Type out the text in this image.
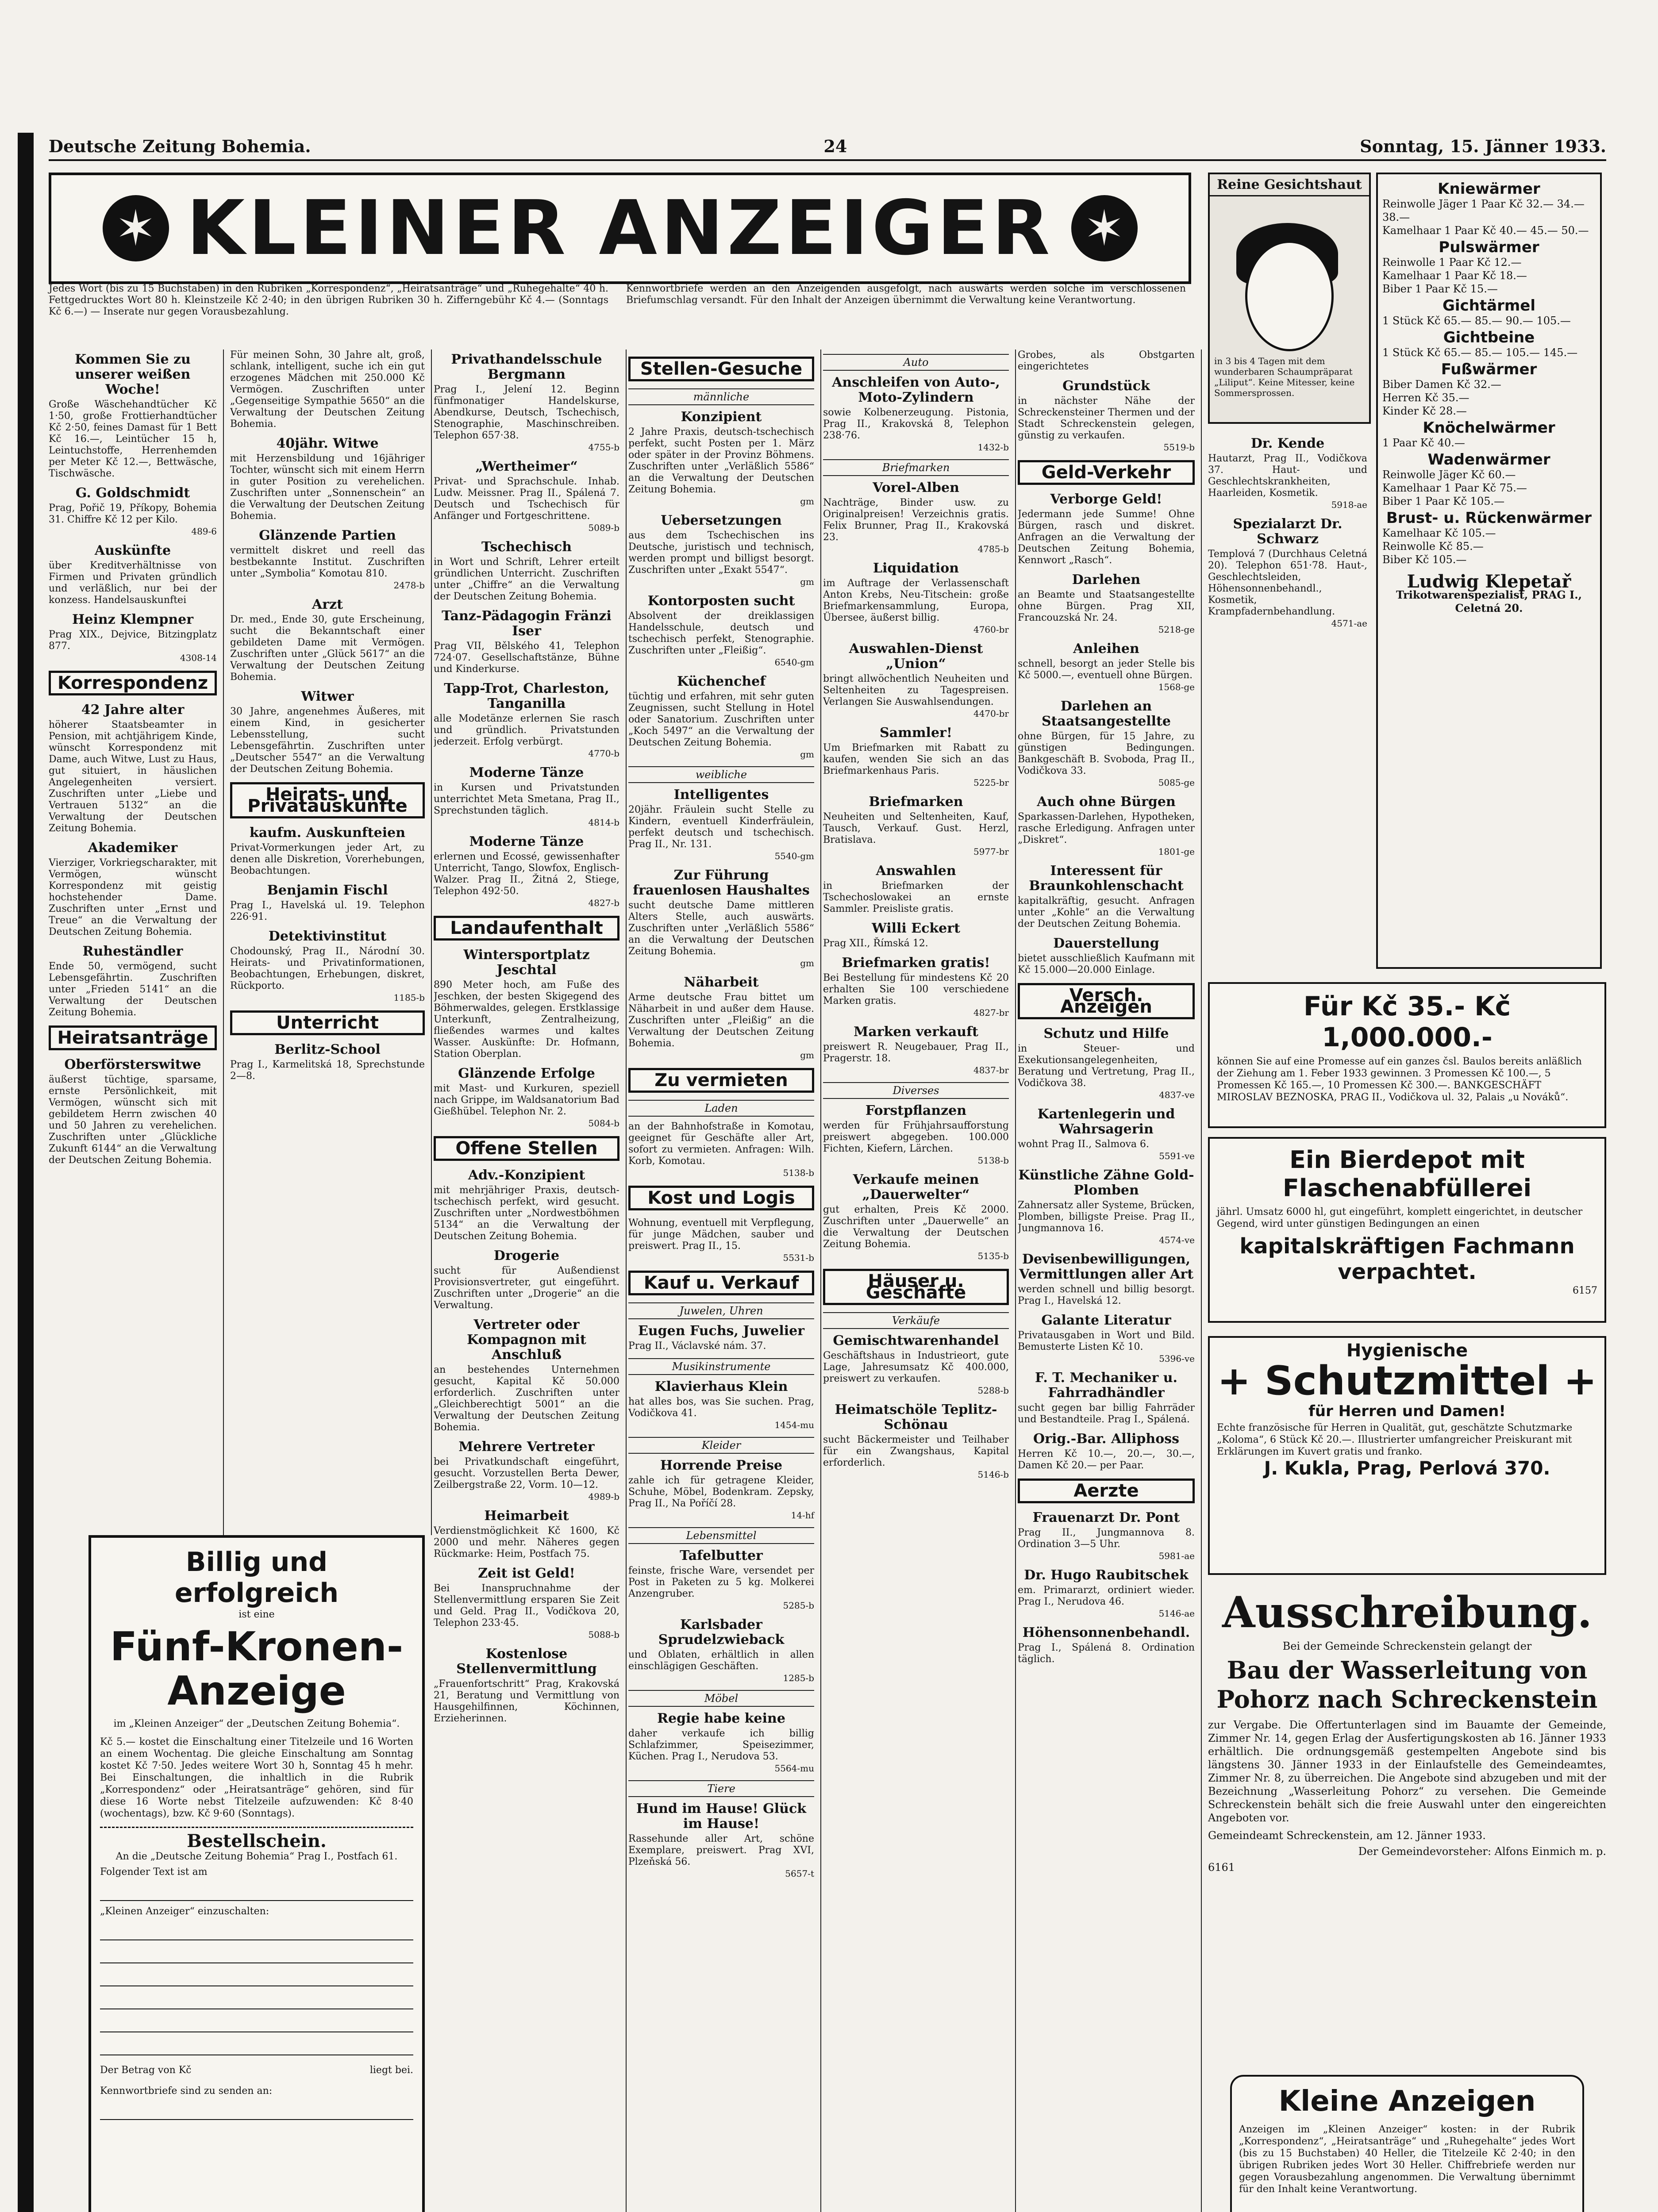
Deutsche Zeitung Bohemia.	24	Sonntag, 15. Jänner 1933.
✶ KLEINER ANZEIGER ✶

Jedes Wort (bis zu 15 Buchstaben) in den Rubriken „Korrespondenz“, „Heiratsanträge“ und „Ruhegehalte“ 40 h. Fettgedrucktes Wort 80 h. Kleinstzeile Kč 2·40; in den übrigen Rubriken 30 h. Zifferngebühr Kč 4.— (Sonntags Kč 6.—) — Inserate nur gegen Vorausbezahlung.

Kennwortbriefe werden an den Anzeigenden ausgefolgt, nach auswärts werden solche im verschlossenen Briefumschlag versandt. Für den Inhalt der Anzeigen übernimmt die Verwaltung keine Verantwortung.

Kommen Sie zu unserer weißen Woche!

Große Wäschehandtücher Kč 1·50, große Frottierhandtücher Kč 2·50, feines Damast für 1 Bett Kč 16.—, Leintücher 15 h, Leintuchstoffe, Herrenhemden per Meter Kč 12.—, Bettwäsche, Tischwäsche.

G. Goldschmidt

Prag, Pořič 19, Příkopy, Bohemia 31. Chiffre Kč 12 per Kilo.

489-6
Auskünfte

über Kreditverhältnisse von Firmen und Privaten gründlich und verläßlich, nur bei der konzess. Handelsauskunftei

Heinz Klempner

Prag XIX., Dejvice, Bitzingplatz 877.

4308-14
Korrespondenz
42 Jahre alter

höherer Staatsbeamter in Pension, mit achtjährigem Kinde, wünscht Korrespondenz mit Dame, auch Witwe, Lust zu Haus, gut situiert, in häuslichen Angelegenheiten versiert. Zuschriften unter „Liebe und Vertrauen 5132“ an die Verwaltung der Deutschen Zeitung Bohemia.

Akademiker

Vierziger, Vorkriegscharakter, mit Vermögen, wünscht Korrespondenz mit geistig hochstehender Dame. Zuschriften unter „Ernst und Treue“ an die Verwaltung der Deutschen Zeitung Bohemia.

Ruheständler

Ende 50, vermögend, sucht Lebensgefährtin. Zuschriften unter „Frieden 5141“ an die Verwaltung der Deutschen Zeitung Bohemia.

Heiratsanträge
Oberförsterswitwe

äußerst tüchtige, sparsame, ernste Persönlichkeit, mit Vermögen, wünscht sich mit gebildetem Herrn zwischen 40 und 50 Jahren zu verehelichen. Zuschriften unter „Glückliche Zukunft 6144“ an die Verwaltung der Deutschen Zeitung Bohemia.

Für meinen Sohn, 30 Jahre alt, groß, schlank, intelligent, suche ich ein gut erzogenes Mädchen mit 250.000 Kč Vermögen. Zuschriften unter „Gegenseitige Sympathie 5650“ an die Verwaltung der Deutschen Zeitung Bohemia.

40jähr. Witwe

mit Herzensbildung und 16jähriger Tochter, wünscht sich mit einem Herrn in guter Position zu verehelichen. Zuschriften unter „Sonnenschein“ an die Verwaltung der Deutschen Zeitung Bohemia.

Glänzende Partien

vermittelt diskret und reell das bestbekannte Institut. Zuschriften unter „Symbolia“ Komotau 810.

2478-b
Arzt

Dr. med., Ende 30, gute Erscheinung, sucht die Bekanntschaft einer gebildeten Dame mit Vermögen. Zuschriften unter „Glück 5617“ an die Verwaltung der Deutschen Zeitung Bohemia.

Witwer

30 Jahre, angenehmes Äußeres, mit einem Kind, in gesicherter Lebensstellung, sucht Lebensgefährtin. Zuschriften unter „Deutscher 5547“ an die Verwaltung der Deutschen Zeitung Bohemia.

Heirats- und Privatauskünfte
kaufm. Auskunfteien

Privat-Vormerkungen jeder Art, zu denen alle Diskretion, Vorerhebungen, Beobachtungen.

Benjamin Fischl

Prag I., Havelská ul. 19. Telephon 226·91.

Detektivinstitut

Chodounský, Prag II., Národní 30. Heirats- und Privatinformationen, Beobachtungen, Erhebungen, diskret, Rückporto.

1185-b
Unterricht
Berlitz-School

Prag I., Karmelitská 18, Sprechstunde 2—8.

Billig und erfolgreich
ist eine
Fünf-Kronen-Anzeige
im „Kleinen Anzeiger“ der „Deutschen Zeitung Bohemia“.

Kč 5.— kostet die Einschaltung einer Titelzeile und 16 Worten an einem Wochentag. Die gleiche Einschaltung am Sonntag kostet Kč 7·50. Jedes weitere Wort 30 h, Sonntag 45 h mehr. Bei Einschaltungen, die inhaltlich in die Rubrik „Korrespondenz“ oder „Heiratsanträge“ gehören, sind für diese 16 Worte nebst Titelzeile aufzuwenden: Kč 8·40 (wochentags), bzw. Kč 9·60 (Sonntags).

Bestellschein.
An die „Deutsche Zeitung Bohemia“ Prag I., Postfach 61.
Folgender Text ist am
„Kleinen Anzeiger“ einzuschalten:
Der Betrag von Kč	liegt bei.
Kennwortbriefe sind zu senden an:
Privathandelsschule Bergmann

Prag I., Jelení 12. Beginn fünfmonatiger Handelskurse, Abendkurse, Deutsch, Tschechisch, Stenographie, Maschinschreiben. Telephon 657·38.

4755-b
„Wertheimer“

Privat- und Sprachschule. Inhab. Ludw. Meissner. Prag II., Spálená 7. Deutsch und Tschechisch für Anfänger und Fortgeschrittene.

5089-b
Tschechisch

in Wort und Schrift, Lehrer erteilt gründlichen Unterricht. Zuschriften unter „Chiffre“ an die Verwaltung der Deutschen Zeitung Bohemia.

Tanz-Pädagogin Fränzi Iser

Prag VII, Bělského 41, Telephon 724·07. Gesellschaftstänze, Bühne und Kinderkurse.

Tapp-Trot, Charleston, Tanganilla

alle Modetänze erlernen Sie rasch und gründlich. Privatstunden jederzeit. Erfolg verbürgt.

4770-b
Moderne Tänze

in Kursen und Privatstunden unterrichtet Meta Smetana, Prag II., Sprechstunden täglich.

4814-b
Moderne Tänze

erlernen und Ecossé, gewissenhafter Unterricht, Tango, Slowfox, Englisch-Walzer. Prag II., Žitná 2, Stiege, Telephon 492·50.

4827-b
Landaufenthalt
Wintersportplatz Jeschtal

890 Meter hoch, am Fuße des Jeschken, der besten Skigegend des Böhmerwaldes, gelegen. Erstklassige Unterkunft, Zentralheizung, fließendes warmes und kaltes Wasser. Auskünfte: Dr. Hofmann, Station Oberplan.

Glänzende Erfolge

mit Mast- und Kurkuren, speziell nach Grippe, im Waldsanatorium Bad Gießhübel. Telephon Nr. 2.

5084-b
Offene Stellen
Adv.-Konzipient

mit mehrjähriger Praxis, deutsch-tschechisch perfekt, wird gesucht. Zuschriften unter „Nordwestböhmen 5134“ an die Verwaltung der Deutschen Zeitung Bohemia.

Drogerie

sucht für Außendienst Provisionsvertreter, gut eingeführt. Zuschriften unter „Drogerie“ an die Verwaltung.

Vertreter oder Kompagnon mit Anschluß

an bestehendes Unternehmen gesucht, Kapital Kč 50.000 erforderlich. Zuschriften unter „Gleichberechtigt 5001“ an die Verwaltung der Deutschen Zeitung Bohemia.

Mehrere Vertreter

bei Privatkundschaft eingeführt, gesucht. Vorzustellen Berta Dewer, Zeilbergstraße 22, Vorm. 10—12.

4989-b
Heimarbeit

Verdienstmöglichkeit Kč 1600, Kč 2000 und mehr. Näheres gegen Rückmarke: Heim, Postfach 75.

Zeit ist Geld!

Bei Inanspruchnahme der Stellenvermittlung ersparen Sie Zeit und Geld. Prag II., Vodičkova 20, Telephon 233·45.

5088-b
Kostenlose Stellenvermittlung

„Frauenfortschritt“ Prag, Krakovská 21, Beratung und Vermittlung von Hausgehilfinnen, Köchinnen, Erzieherinnen.

Stellen-Gesuche
männliche
Konzipient

2 Jahre Praxis, deutsch-tschechisch perfekt, sucht Posten per 1. März oder später in der Provinz Böhmens. Zuschriften unter „Verläßlich 5586“ an die Verwaltung der Deutschen Zeitung Bohemia.

gm
Uebersetzungen

aus dem Tschechischen ins Deutsche, juristisch und technisch, werden prompt und billigst besorgt. Zuschriften unter „Exakt 5547“.

gm
Kontorposten sucht

Absolvent der dreiklassigen Handelsschule, deutsch und tschechisch perfekt, Stenographie. Zuschriften unter „Fleißig“.

6540-gm
Küchenchef

tüchtig und erfahren, mit sehr guten Zeugnissen, sucht Stellung in Hotel oder Sanatorium. Zuschriften unter „Koch 5497“ an die Verwaltung der Deutschen Zeitung Bohemia.

gm
weibliche
Intelligentes

20jähr. Fräulein sucht Stelle zu Kindern, eventuell Kinderfräulein, perfekt deutsch und tschechisch. Prag II., Nr. 131.

5540-gm
Zur Führung frauenlosen Haushaltes

sucht deutsche Dame mittleren Alters Stelle, auch auswärts. Zuschriften unter „Verläßlich 5586“ an die Verwaltung der Deutschen Zeitung Bohemia.

gm
Näharbeit

Arme deutsche Frau bittet um Näharbeit in und außer dem Hause. Zuschriften unter „Fleißig“ an die Verwaltung der Deutschen Zeitung Bohemia.

gm
Zu vermieten
Laden

an der Bahnhofstraße in Komotau, geeignet für Geschäfte aller Art, sofort zu vermieten. Anfragen: Wilh. Korb, Komotau.

5138-b
Kost und Logis

Wohnung, eventuell mit Verpflegung, für junge Mädchen, sauber und preiswert. Prag II., 15.

5531-b
Kauf u. Verkauf
Juwelen, Uhren
Eugen Fuchs, Juwelier

Prag II., Václavské nám. 37.

Musikinstrumente
Klavierhaus Klein

hat alles bos, was Sie suchen. Prag, Vodičkova 41.

1454-mu
Kleider
Horrende Preise

zahle ich für getragene Kleider, Schuhe, Möbel, Bodenkram. Zepsky, Prag II., Na Poříčí 28.

14-hf
Lebensmittel
Tafelbutter

feinste, frische Ware, versendet per Post in Paketen zu 5 kg. Molkerei Anzengruber.

5285-b
Karlsbader Sprudelzwieback

und Oblaten, erhältlich in allen einschlägigen Geschäften.

1285-b
Möbel
Regie habe keine

daher verkaufe ich billig Schlafzimmer, Speisezimmer, Küchen. Prag I., Nerudova 53.

5564-mu
Tiere
Hund im Hause! Glück im Hause!

Rassehunde aller Art, schöne Exemplare, preiswert. Prag XVI, Plzeňská 56.

5657-t
Auto
Anschleifen von Auto-, Moto-Zylindern

sowie Kolbenerzeugung. Pistonia, Prag II., Krakovská 8, Telephon 238·76.

1432-b
Briefmarken
Vorel-Alben

Nachträge, Binder usw. zu Originalpreisen! Verzeichnis gratis. Felix Brunner, Prag II., Krakovská 23.

4785-b
Liquidation

im Auftrage der Verlassenschaft Anton Krebs, Neu-Titschein: große Briefmarkensammlung, Europa, Übersee, äußerst billig.

4760-br
Auswahlen-Dienst „Union“

bringt allwöchentlich Neuheiten und Seltenheiten zu Tagespreisen. Verlangen Sie Auswahlsendungen.

4470-br
Sammler!

Um Briefmarken mit Rabatt zu kaufen, wenden Sie sich an das Briefmarkenhaus Paris.

5225-br
Briefmarken

Neuheiten und Seltenheiten, Kauf, Tausch, Verkauf. Gust. Herzl, Bratislava.

5977-br
Answahlen

in Briefmarken der Tschechoslowakei an ernste Sammler. Preisliste gratis.

Willi Eckert

Prag XII., Římská 12.

Briefmarken gratis!

Bei Bestellung für mindestens Kč 20 erhalten Sie 100 verschiedene Marken gratis.

4827-br
Marken verkauft

preiswert R. Neugebauer, Prag II., Pragerstr. 18.

4837-br
Diverses
Forstpflanzen

werden für Frühjahrsaufforstung preiswert abgegeben. 100.000 Fichten, Kiefern, Lärchen.

5138-b
Verkaufe meinen „Dauerwelter“

gut erhalten, Preis Kč 2000. Zuschriften unter „Dauerwelle“ an die Verwaltung der Deutschen Zeitung Bohemia.

5135-b
Häuser u. Geschäfte
Verkäufe
Gemischtwarenhandel

Geschäftshaus in Industrieort, gute Lage, Jahresumsatz Kč 400.000, preiswert zu verkaufen.

5288-b
Heimatschöle Teplitz-Schönau

sucht Bäckermeister und Teilhaber für ein Zwangshaus, Kapital erforderlich.

5146-b

Grobes, als Obstgarten eingerichtetes

Grundstück

in nächster Nähe der Schreckensteiner Thermen und der Stadt Schreckenstein gelegen, günstig zu verkaufen.

5519-b
Geld-Verkehr
Verborge Geld!

Jedermann jede Summe! Ohne Bürgen, rasch und diskret. Anfragen an die Verwaltung der Deutschen Zeitung Bohemia, Kennwort „Rasch“.

Darlehen

an Beamte und Staatsangestellte ohne Bürgen. Prag XII, Francouzská Nr. 24.

5218-ge
Anleihen

schnell, besorgt an jeder Stelle bis Kč 5000.—, eventuell ohne Bürgen.

1568-ge
Darlehen an Staatsangestellte

ohne Bürgen, für 15 Jahre, zu günstigen Bedingungen. Bankgeschäft B. Svoboda, Prag II., Vodičkova 33.

5085-ge
Auch ohne Bürgen

Sparkassen-Darlehen, Hypotheken, rasche Erledigung. Anfragen unter „Diskret“.

1801-ge
Interessent für Braunkohlenschacht

kapitalkräftig, gesucht. Anfragen unter „Kohle“ an die Verwaltung der Deutschen Zeitung Bohemia.

Dauerstellung

bietet ausschließlich Kaufmann mit Kč 15.000—20.000 Einlage.

Versch. Anzeigen
Schutz und Hilfe

in Steuer- und Exekutionsangelegenheiten, Beratung und Vertretung, Prag II., Vodičkova 38.

4837-ve
Kartenlegerin und Wahrsagerin

wohnt Prag II., Salmova 6.

5591-ve
Künstliche Zähne Gold-Plomben

Zahnersatz aller Systeme, Brücken, Plomben, billigste Preise. Prag II., Jungmannova 16.

4574-ve
Devisenbewilligungen, Vermittlungen aller Art

werden schnell und billig besorgt. Prag I., Havelská 12.

Galante Literatur

Privatausgaben in Wort und Bild. Bemusterte Listen Kč 10.

5396-ve
F. T. Mechaniker u. Fahrradhändler

sucht gegen bar billig Fahrräder und Bestandteile. Prag I., Spálená.

Orig.-Bar. Alliphoss

Herren Kč 10.—, 20.—, 30.—, Damen Kč 20.— per Paar.

Aerzte
Frauenarzt Dr. Pont

Prag II., Jungmannova 8. Ordination 3—5 Uhr.

5981-ae
Dr. Hugo Raubitschek

em. Primararzt, ordiniert wieder. Prag I., Nerudova 46.

5146-ae
Höhensonnenbehandl.

Prag I., Spálená 8. Ordination täglich.

Reine Gesichtshaut
in 3 bis 4 Tagen mit dem wunderbaren Schaumpräparat „Liliput“. Keine Mitesser, keine Sommersprossen.
Kniewärmer
Reinwolle Jäger 1 Paar Kč 32.— 34.— 38.—
Kamelhaar 1 Paar Kč 40.— 45.— 50.—
Pulswärmer
Reinwolle 1 Paar Kč 12.—
Kamelhaar 1 Paar Kč 18.—
Biber 1 Paar Kč 15.—
Gichtärmel
1 Stück Kč 65.— 85.— 90.— 105.—
Gichtbeine
1 Stück Kč 65.— 85.— 105.— 145.—
Fußwärmer
Biber Damen Kč 32.—
Herren Kč 35.—
Kinder Kč 28.—
Knöchelwärmer
1 Paar Kč 40.—
Wadenwärmer
Reinwolle Jäger Kč 60.—
Kamelhaar 1 Paar Kč 75.—
Biber 1 Paar Kč 105.—
Brust- u. Rückenwärmer
Kamelhaar Kč 105.—
Reinwolle Kč 85.—
Biber Kč 105.—
Ludwig Klepetař
Trikotwarenspezialist, PRAG I., Celetná 20.
Dr. Kende

Hautarzt, Prag II., Vodičkova 37. Haut- und Geschlechtskrankheiten, Haarleiden, Kosmetik.

5918-ae
Spezialarzt Dr. Schwarz

Templová 7 (Durchhaus Celetná 20). Telephon 651·78. Haut-, Geschlechtsleiden, Höhensonnenbehandl., Kosmetik, Krampfadernbehandlung.

4571-ae
Für Kč 35.- Kč 1,000.000.-

können Sie auf eine Promesse auf ein ganzes čsl. Baulos bereits anläßlich der Ziehung am 1. Feber 1933 gewinnen. 3 Promessen Kč 100.—, 5 Promessen Kč 165.—, 10 Promessen Kč 300.—. BANKGESCHÄFT MIROSLAV BEZNOSKA, PRAG II., Vodičkova ul. 32, Palais „u Nováků“.

Ein Bierdepot mit Flaschenabfüllerei

jährl. Umsatz 6000 hl, gut eingeführt, komplett eingerichtet, in deutscher Gegend, wird unter günstigen Bedingungen an einen

kapitalskräftigen Fachmann verpachtet.
6157
Hygienische
+ Schutzmittel +
für Herren und Damen!

Echte französische für Herren in Qualität, gut, geschätzte Schutzmarke „Koloma“, 6 Stück Kč 20.—. Illustrierter umfangreicher Preiskurant mit Erklärungen im Kuvert gratis und franko.

J. Kukla, Prag, Perlová 370.
Ausschreibung.

Bei der Gemeinde Schreckenstein gelangt der

Bau der Wasserleitung von Pohorz nach Schreckenstein

zur Vergabe. Die Offertunterlagen sind im Bauamte der Gemeinde, Zimmer Nr. 14, gegen Erlag der Ausfertigungskosten ab 16. Jänner 1933 erhältlich. Die ordnungsgemäß gestempelten Angebote sind bis längstens 30. Jänner 1933 in der Einlaufstelle des Gemeindeamtes, Zimmer Nr. 8, zu überreichen. Die Angebote sind abzugeben und mit der Bezeichnung „Wasserleitung Pohorz“ zu versehen. Die Gemeinde Schreckenstein behält sich die freie Auswahl unter den eingereichten Angeboten vor.

Gemeindeamt Schreckenstein, am 12. Jänner 1933.

Der Gemeindevorsteher: Alfons Einmich m. p.

6161
Kleine Anzeigen

Anzeigen im „Kleinen Anzeiger“ kosten: in der Rubrik „Korrespondenz“, „Heiratsanträge“ und „Ruhegehalte“ jedes Wort (bis zu 15 Buchstaben) 40 Heller, die Titelzeile Kč 2·40; in den übrigen Rubriken jedes Wort 30 Heller. Chiffrebriefe werden nur gegen Vorausbezahlung angenommen. Die Verwaltung übernimmt für den Inhalt keine Verantwortung.
